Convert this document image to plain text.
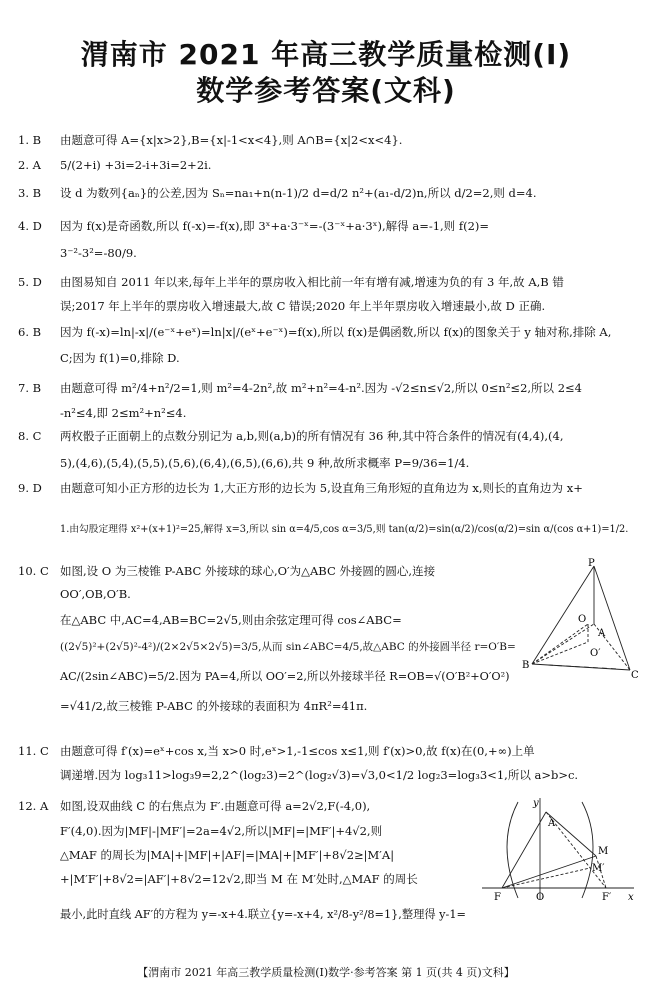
渭南市 2021 年高三教学质量检测(Ⅰ)
数学参考答案(文科)
1. B 由题意可得 A={x|x>2},B={x|-1<x<4},则 A∩B={x|2<x<4}.
2. A 5/(2+i) +3i=2-i+3i=2+2i.
3. B 设 d 为数列{aₙ}的公差,因为 Sₙ=na₁+n(n-1)/2 d=d/2 n²+(a₁-d/2)n,所以 d/2=2,则 d=4.
4. D 因为 f(x)是奇函数,所以 f(-x)=-f(x),即 3ˣ+a·3⁻ˣ=-(3⁻ˣ+a·3ˣ),解得 a=-1,则 f(2)=
3⁻²-3²=-80/9.
5. D 由图易知自 2011 年以来,每年上半年的票房收入相比前一年有增有减,增速为负的有 3 年,故 A,B 错
误;2017 年上半年的票房收入增速最大,故 C 错误;2020 年上半年票房收入增速最小,故 D 正确.
6. B 因为 f(-x)=ln|-x|/(e⁻ˣ+eˣ)=ln|x|/(eˣ+e⁻ˣ)=f(x),所以 f(x)是偶函数,所以 f(x)的图象关于 y 轴对称,排除 A,
C;因为 f(1)=0,排除 D.
7. B 由题意可得 m²/4+n²/2=1,则 m²=4-2n²,故 m²+n²=4-n².因为 -√2≤n≤√2,所以 0≤n²≤2,所以 2≤4
-n²≤4,即 2≤m²+n²≤4.
8. C 两枚骰子正面朝上的点数分别记为 a,b,则(a,b)的所有情况有 36 种,其中符合条件的情况有(4,4),(4,
5),(4,6),(5,4),(5,5),(5,6),(6,4),(6,5),(6,6),共 9 种,故所求概率 P=9/36=1/4.
9. D 由题意可知小正方形的边长为 1,大正方形的边长为 5,设直角三角形短的直角边为 x,则长的直角边为 x+
1.由勾股定理得 x²+(x+1)²=25,解得 x=3,所以 sin α=4/5,cos α=3/5,则 tan(α/2)=sin(α/2)/cos(α/2)=sin α/(cos α+1)=1/2.
10. C 如图,设 O 为三棱锥 P-ABC 外接球的球心,O′为△ABC 外接圆的圆心,连接
OO′,OB,O′B.
在△ABC 中,AC=4,AB=BC=2√5,则由余弦定理可得 cos∠ABC=
((2√5)²+(2√5)²-4²)/(2×2√5×2√5)=3/5,从而 sin∠ABC=4/5,故△ABC 的外接圆半径 r=O′B=
AC/(2sin∠ABC)=5/2.因为 PA=4,所以 OO′=2,所以外接球半径 R=OB=√(O′B²+O′O²)
=√41/2,故三棱锥 P-ABC 的外接球的表面积为 4πR²=41π.
11. C 由题意可得 f′(x)=eˣ+cos x,当 x>0 时,eˣ>1,-1≤cos x≤1,则 f′(x)>0,故 f(x)在(0,+∞)上单
调递增.因为 log₃11>log₃9=2,2^(log₂3)=2^(log₂√3)=√3,0<1/2 log₂3=log₃3<1,所以 a>b>c.
12. A 如图,设双曲线 C 的右焦点为 F′.由题意可得 a=2√2,F(-4,0),
F′(4,0).因为|MF|-|MF′|=2a=4√2,所以|MF|=|MF′|+4√2,则
△MAF 的周长为|MA|+|MF|+|AF|=|MA|+|MF′|+8√2≥|M′A|
+|M′F′|+8√2=|AF′|+8√2=12√2,即当 M 在 M′处时,△MAF 的周长
最小,此时直线 AF′的方程为 y=-x+4.联立{y=-x+4, x²/8-y²/8=1},整理得 y-1=
P
O
A
O′
B
C
y
A
M
M′
F	O	F′ x
【渭南市 2021 年高三教学质量检测(Ⅰ)数学·参考答案 第 1 页(共 4 页)文科】
